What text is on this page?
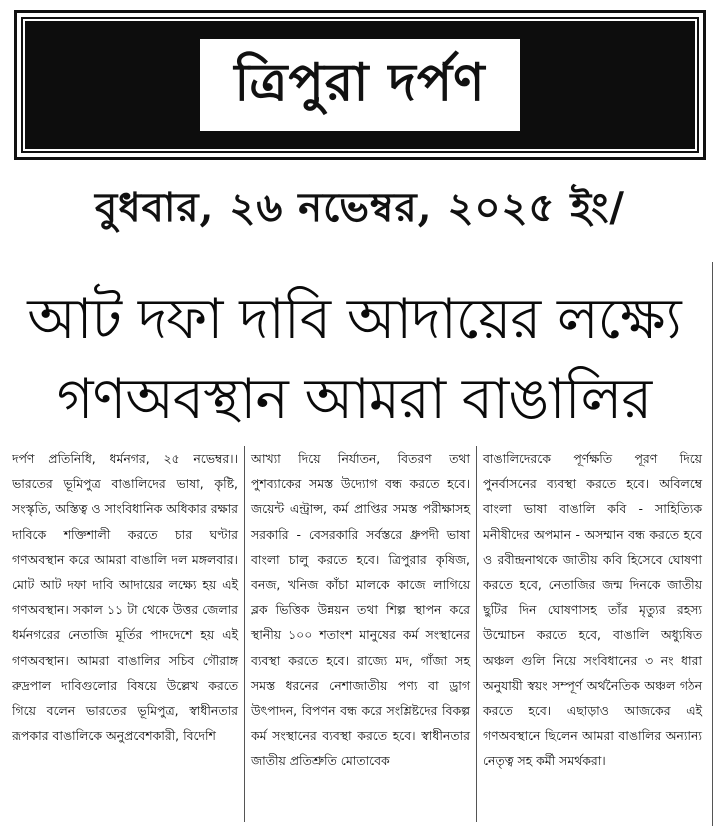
ত্রিপুরা দর্পণ
বুধবার, ২৬ নভেম্বর, ২০২৫ ইং/
আট দফা দাবি আদায়ের লক্ষ্যে
গণঅবস্থান আমরা বাঙালির
দর্পণ প্রতিনিধি, ধর্মনগর, ২৫ নভেম্বর।। ভারতের ভূমিপুত্র বাঙালিদের ভাষা, কৃষ্টি, সংস্কৃতি, অস্তিত্ব ও সাংবিধানিক অধিকার রক্ষার দাবিকে শক্তিশালী করতে চার ঘণ্টার গণঅবস্থান করে আমরা বাঙালি দল মঙ্গলবার। মোট আট দফা দাবি আদায়ের লক্ষ্যে হয় এই গণঅবস্থান। সকাল ১১ টা থেকে উত্তর জেলার ধর্মনগরের নেতাজি মূর্তির পাদদেশে হয় এই গণঅবস্থান। আমরা বাঙালির সচিব গৌরাঙ্গ রুদ্রপাল দাবিগুলোর বিষয়ে উল্লেখ করতে গিয়ে বলেন ভারতের ভূমিপুত্র, স্বাধীনতার রূপকার বাঙালিকে অনুপ্রবেশকারী, বিদেশি
আখ্যা দিয়ে নির্যাতন, বিতরণ তথা পুশব্যাকের সমস্ত উদ্যোগ বন্ধ করতে হবে। জয়েন্ট এন্ট্রান্স, কর্ম প্রাপ্তির সমস্ত পরীক্ষাসহ সরকারি - বেসরকারি সর্বস্তরে ধ্রুপদী ভাষা বাংলা চালু করতে হবে। ত্রিপুরার কৃষিজ, বনজ, খনিজ কাঁচা মালকে কাজে লাগিয়ে ব্লক ভিত্তিক উন্নয়ন তথা শিল্প স্থাপন করে স্থানীয় ১০০ শতাংশ মানুষের কর্ম সংস্থানের ব্যবস্থা করতে হবে। রাজ্যে মদ, গাঁজা সহ সমস্ত ধরনের নেশাজাতীয় পণ্য বা ড্রাগ উৎপাদন, বিপণন বন্ধ করে সংশ্লিষ্টদের বিকল্প কর্ম সংস্থানের ব্যবস্থা করতে হবে। স্বাধীনতার জাতীয় প্রতিশ্রুতি মোতাবেক
বাঙালিদেরকে পূর্ণক্ষতি পূরণ দিয়ে পুনর্বাসনের ব্যবস্থা করতে হবে। অবিলম্বে বাংলা ভাষা বাঙালি কবি - সাহিত্যিক মনীষীদের অপমান - অসম্মান বন্ধ করতে হবে ও রবীন্দ্রনাথকে জাতীয় কবি হিসেবে ঘোষণা করতে হবে, নেতাজির জন্ম দিনকে জাতীয় ছুটির দিন ঘোষণাসহ তাঁর মৃত্যুর রহস্য উন্মোচন করতে হবে, বাঙালি অধ্যুষিত অঞ্চল গুলি নিয়ে সংবিধানের ৩ নং ধারা অনুযায়ী স্বয়ং সম্পূর্ণ অর্থনৈতিক অঞ্চল গঠন করতে হবে। এছাড়াও আজকের এই গণঅবস্থানে ছিলেন আমরা বাঙালির অন্যান্য নেতৃত্ব সহ কর্মী সমর্থকরা।
